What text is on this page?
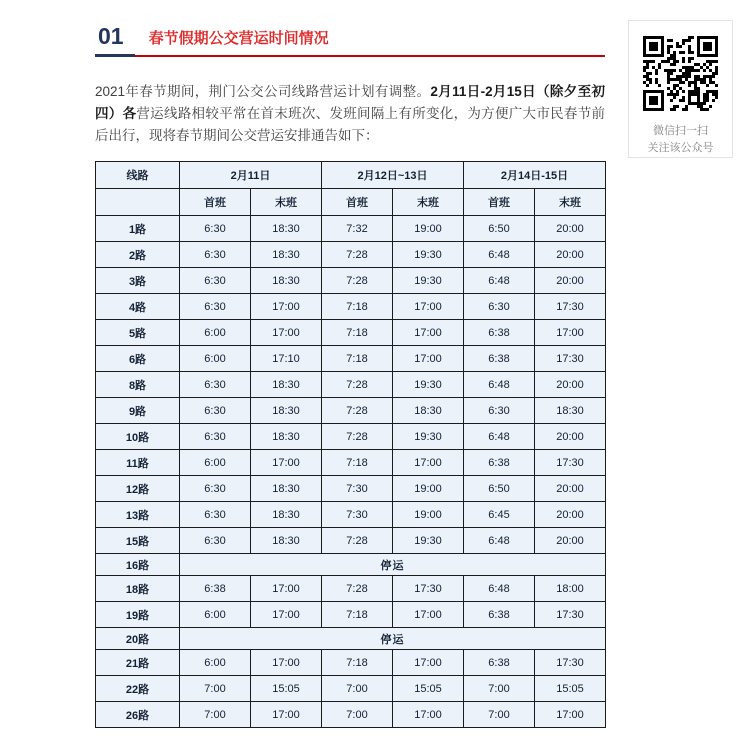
01	春节假期公交营运时间情况

2021年春节期间，荆门公交公司线路营运计划有调整。2月11日-2月15日（除夕至初四）各营运线路相较平常在首末班次、发班间隔上有所变化，为方便广大市民春节前后出行，现将春节期间公交营运安排通告如下：

线路	2月11日		2月12日~13日		2月14日-15日	
	首班	末班	首班	末班	首班	末班
1路	6:30	18:30	7:32	19:00	6:50	20:00
2路	6:30	18:30	7:28	19:30	6:48	20:00
3路	6:30	18:30	7:28	19:30	6:48	20:00
4路	6:30	17:00	7:18	17:00	6:30	17:30
5路	6:00	17:00	7:18	17:00	6:38	17:00
6路	6:00	17:10	7:18	17:00	6:38	17:30
8路	6:30	18:30	7:28	19:30	6:48	20:00
9路	6:30	18:30	7:28	18:30	6:30	18:30
10路	6:30	18:30	7:28	19:30	6:48	20:00
11路	6:00	17:00	7:18	17:00	6:38	17:30
12路	6:30	18:30	7:30	19:00	6:50	20:00
13路	6:30	18:30	7:30	19:00	6:45	20:00
15路	6:30	18:30	7:28	19:30	6:48	20:00
16路	停运					
18路	6:38	17:00	7:28	17:30	6:48	18:00
19路	6:00	17:00	7:18	17:00	6:38	17:30
20路	停运					
21路	6:00	17:00	7:18	17:00	6:38	17:30
22路	7:00	15:05	7:00	15:05	7:00	15:05
26路	7:00	17:00	7:00	17:00	7:00	17:00
微信扫一扫
关注该公众号
